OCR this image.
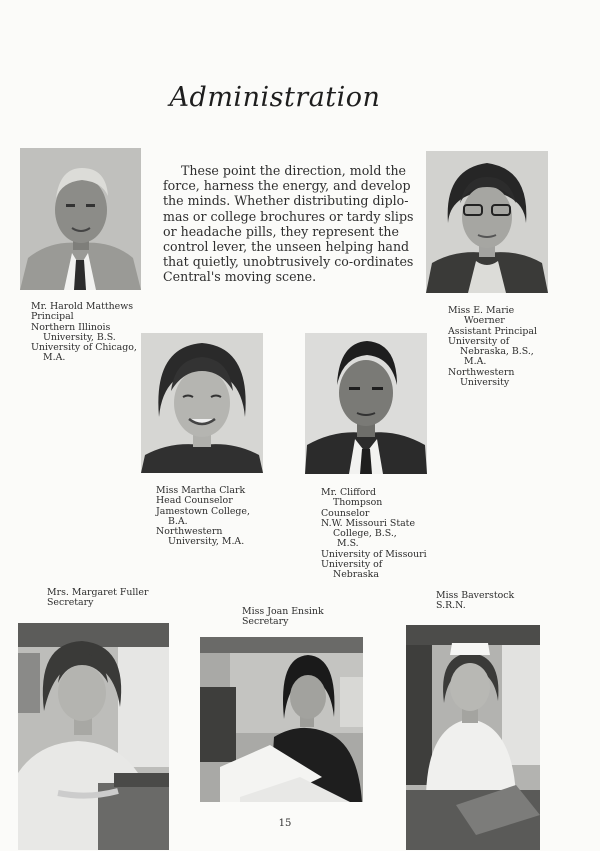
Administration
These point the direction, mold the
force, harness the energy, and develop
the minds. Whether distributing diplo-
mas or college brochures or tardy slips
or headache pills, they represent the
control lever, the unseen helping hand
that quietly, unobtrusively co-ordinates
Central's moving scene.
Mr. Harold Matthews
Principal
Northern Illinois
University, B.S.
University of Chicago,
M.A.
Miss E. Marie
Woerner
Assistant Principal
University of
Nebraska, B.S.,
M.A.
Northwestern
University
Miss Martha Clark
Head Counselor
Jamestown College,
B.A.
Northwestern
University, M.A.
Mr. Clifford
Thompson
Counselor
N.W. Missouri State
College, B.S.,
M.S.
University of Missouri
University of
Nebraska
Mrs. Margaret Fuller
Secretary
Miss Joan Ensink
Secretary
Miss Baverstock
S.R.N.
15
